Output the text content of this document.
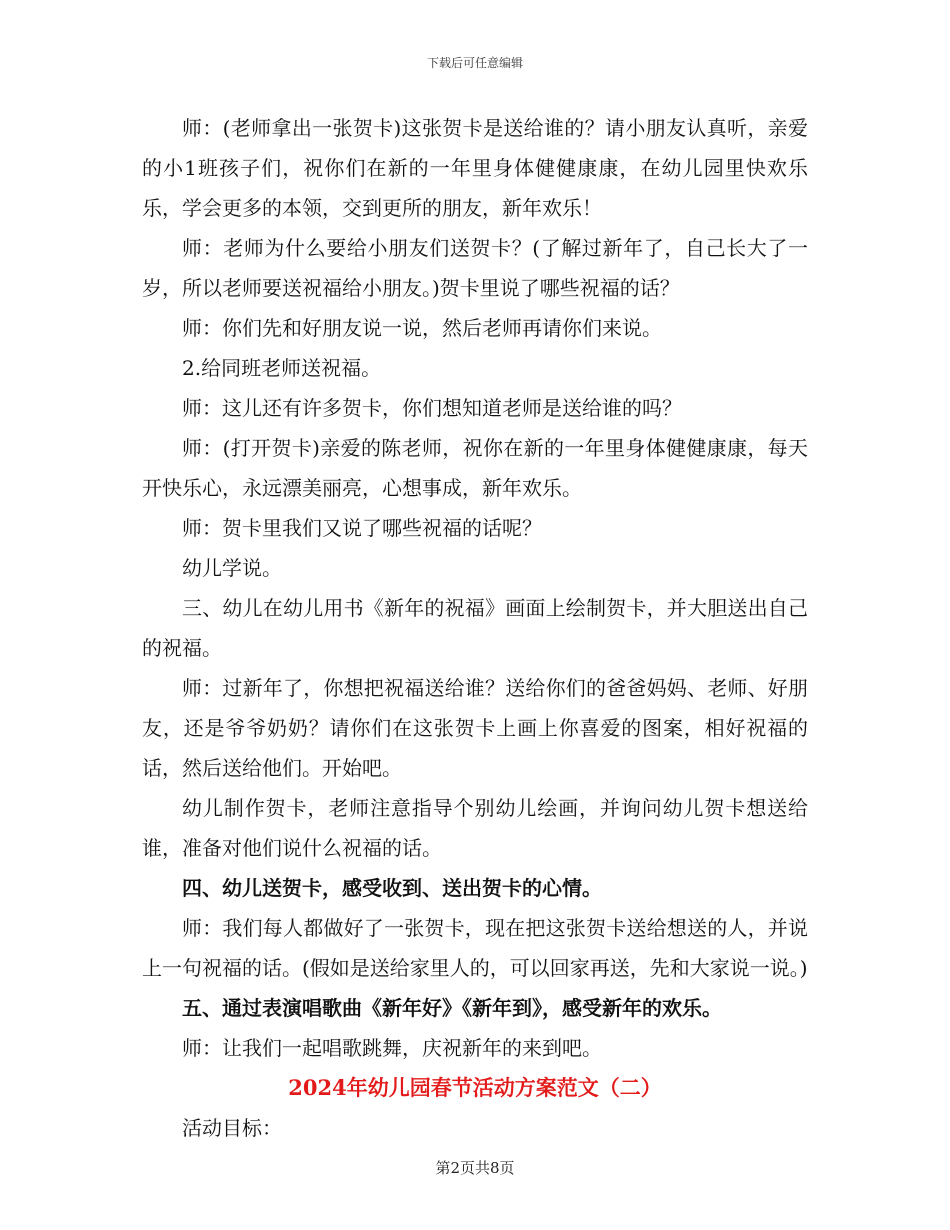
下载后可任意编辑

师：(老师拿出一张贺卡)这张贺卡是送给谁的？请小朋友认真听，亲爱的小1班孩子们，祝你们在新的一年里身体健健康康，在幼儿园里快欢乐乐，学会更多的本领，交到更所的朋友，新年欢乐！

师：老师为什么要给小朋友们送贺卡？(了解过新年了，自己长大了一岁，所以老师要送祝福给小朋友。)贺卡里说了哪些祝福的话？

师：你们先和好朋友说一说，然后老师再请你们来说。

2.给同班老师送祝福。

师：这儿还有许多贺卡，你们想知道老师是送给谁的吗？

师：(打开贺卡)亲爱的陈老师，祝你在新的一年里身体健健康康，每天开快乐心，永远漂美丽亮，心想事成，新年欢乐。

师：贺卡里我们又说了哪些祝福的话呢？

幼儿学说。

三、幼儿在幼儿用书《新年的祝福》画面上绘制贺卡，并大胆送出自己的祝福。

师：过新年了，你想把祝福送给谁？送给你们的爸爸妈妈、老师、好朋友，还是爷爷奶奶？请你们在这张贺卡上画上你喜爱的图案，相好祝福的话，然后送给他们。开始吧。

幼儿制作贺卡，老师注意指导个别幼儿绘画，并询问幼儿贺卡想送给谁，准备对他们说什么祝福的话。

四、幼儿送贺卡，感受收到、送出贺卡的心情。

师：我们每人都做好了一张贺卡，现在把这张贺卡送给想送的人，并说上一句祝福的话。(假如是送给家里人的，可以回家再送，先和大家说一说。)

五、通过表演唱歌曲《新年好》《新年到》，感受新年的欢乐。

师：让我们一起唱歌跳舞，庆祝新年的来到吧。

2024年幼儿园春节活动方案范文（二）

活动目标：

第2页共8页
